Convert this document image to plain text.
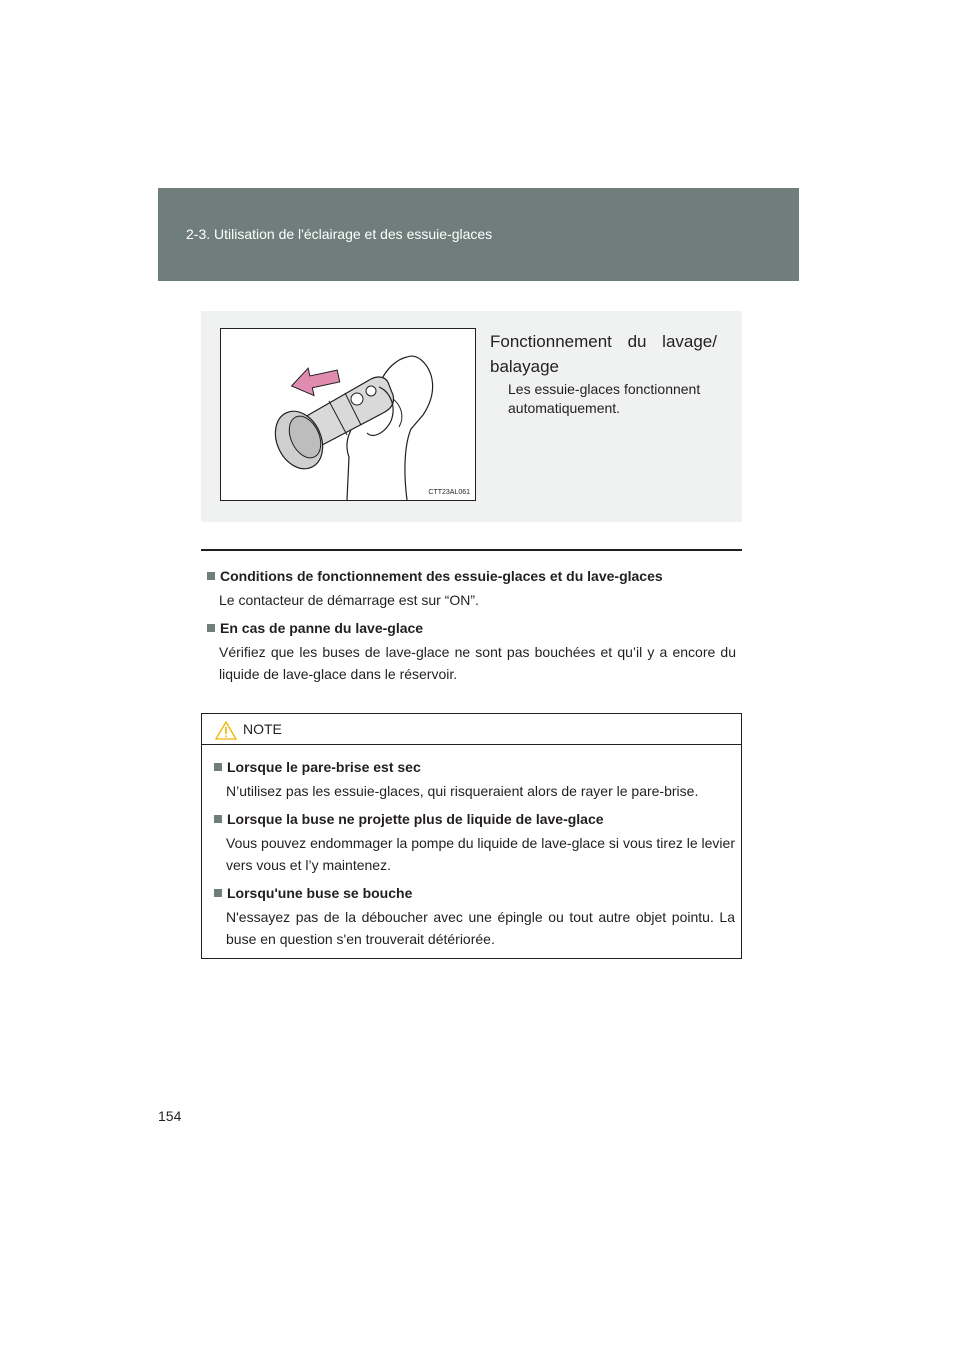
2-3. Utilisation de l'éclairage et des essuie-glaces
CTT23AL061
Fonctionnement du lavage/ balayage
Les essuie-glaces fonctionnent automatiquement.

Conditions de fonctionnement des essuie-glaces et du lave-glaces

Le contacteur de démarrage est sur “ON”.

En cas de panne du lave-glace

Vérifiez que les buses de lave-glace ne sont pas bouchées et qu’il y a encore du liquide de lave-glace dans le réservoir.

NOTE

Lorsque le pare-brise est sec

N’utilisez pas les essuie-glaces, qui risqueraient alors de rayer le pare-brise.

Lorsque la buse ne projette plus de liquide de lave-glace

Vous pouvez endommager la pompe du liquide de lave-glace si vous tirez le levier vers vous et l’y maintenez.

Lorsqu'une buse se bouche

N'essayez pas de la déboucher avec une épingle ou tout autre objet pointu. La buse en question s'en trouverait détériorée.

154
